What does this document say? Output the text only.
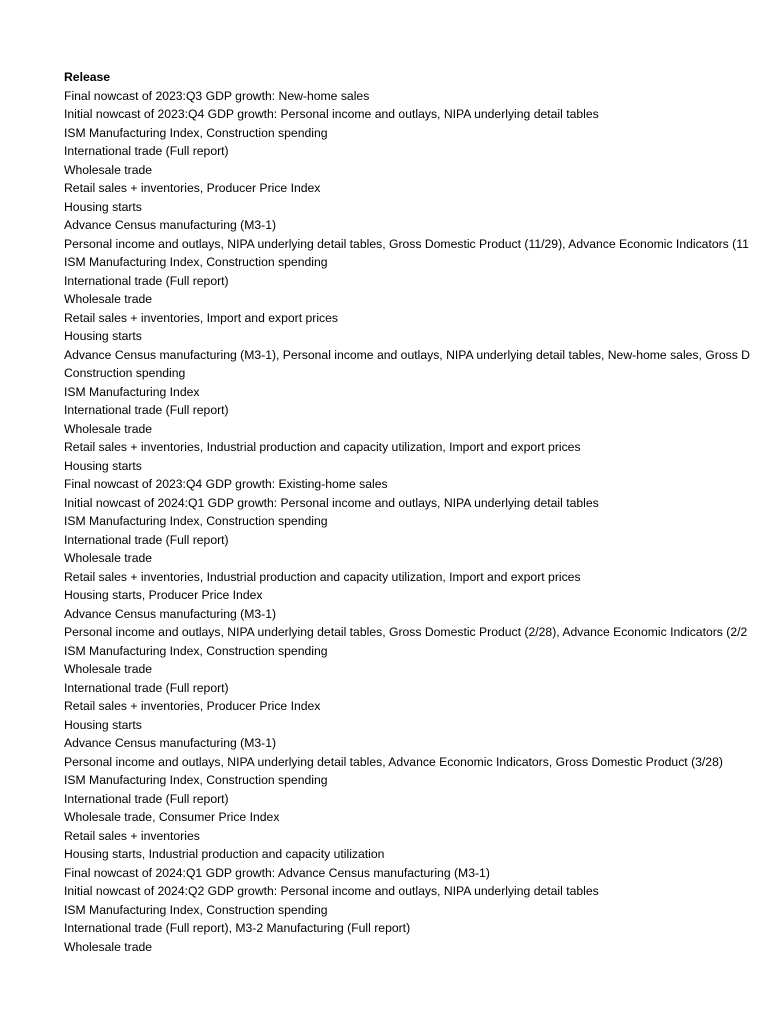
Release
Final nowcast of 2023:Q3 GDP growth: New-home sales
Initial nowcast of 2023:Q4 GDP growth: Personal income and outlays, NIPA underlying detail tables
ISM Manufacturing Index, Construction spending
International trade (Full report)
Wholesale trade
Retail sales + inventories, Producer Price Index
Housing starts
Advance Census manufacturing (M3-1)
Personal income and outlays, NIPA underlying detail tables, Gross Domestic Product (11/29), Advance Economic Indicators (11
ISM Manufacturing Index, Construction spending
International trade (Full report)
Wholesale trade
Retail sales + inventories, Import and export prices
Housing starts
Advance Census manufacturing (M3-1), Personal income and outlays, NIPA underlying detail tables, New-home sales, Gross D
Construction spending
ISM Manufacturing Index
International trade (Full report)
Wholesale trade
Retail sales + inventories, Industrial production and capacity utilization, Import and export prices
Housing starts
Final nowcast of 2023:Q4 GDP growth: Existing-home sales
Initial nowcast of 2024:Q1 GDP growth: Personal income and outlays, NIPA underlying detail tables
ISM Manufacturing Index, Construction spending
International trade (Full report)
Wholesale trade
Retail sales + inventories, Industrial production and capacity utilization, Import and export prices
Housing starts, Producer Price Index
Advance Census manufacturing (M3-1)
Personal income and outlays, NIPA underlying detail tables, Gross Domestic Product (2/28), Advance Economic Indicators (2/2
ISM Manufacturing Index, Construction spending
Wholesale trade
International trade (Full report)
Retail sales + inventories, Producer Price Index
Housing starts
Advance Census manufacturing (M3-1)
Personal income and outlays, NIPA underlying detail tables, Advance Economic Indicators, Gross Domestic Product (3/28)
ISM Manufacturing Index, Construction spending
International trade (Full report)
Wholesale trade, Consumer Price Index
Retail sales + inventories
Housing starts, Industrial production and capacity utilization
Final nowcast of 2024:Q1 GDP growth: Advance Census manufacturing (M3-1)
Initial nowcast of 2024:Q2 GDP growth: Personal income and outlays, NIPA underlying detail tables
ISM Manufacturing Index, Construction spending
International trade (Full report), M3-2 Manufacturing (Full report)
Wholesale trade
